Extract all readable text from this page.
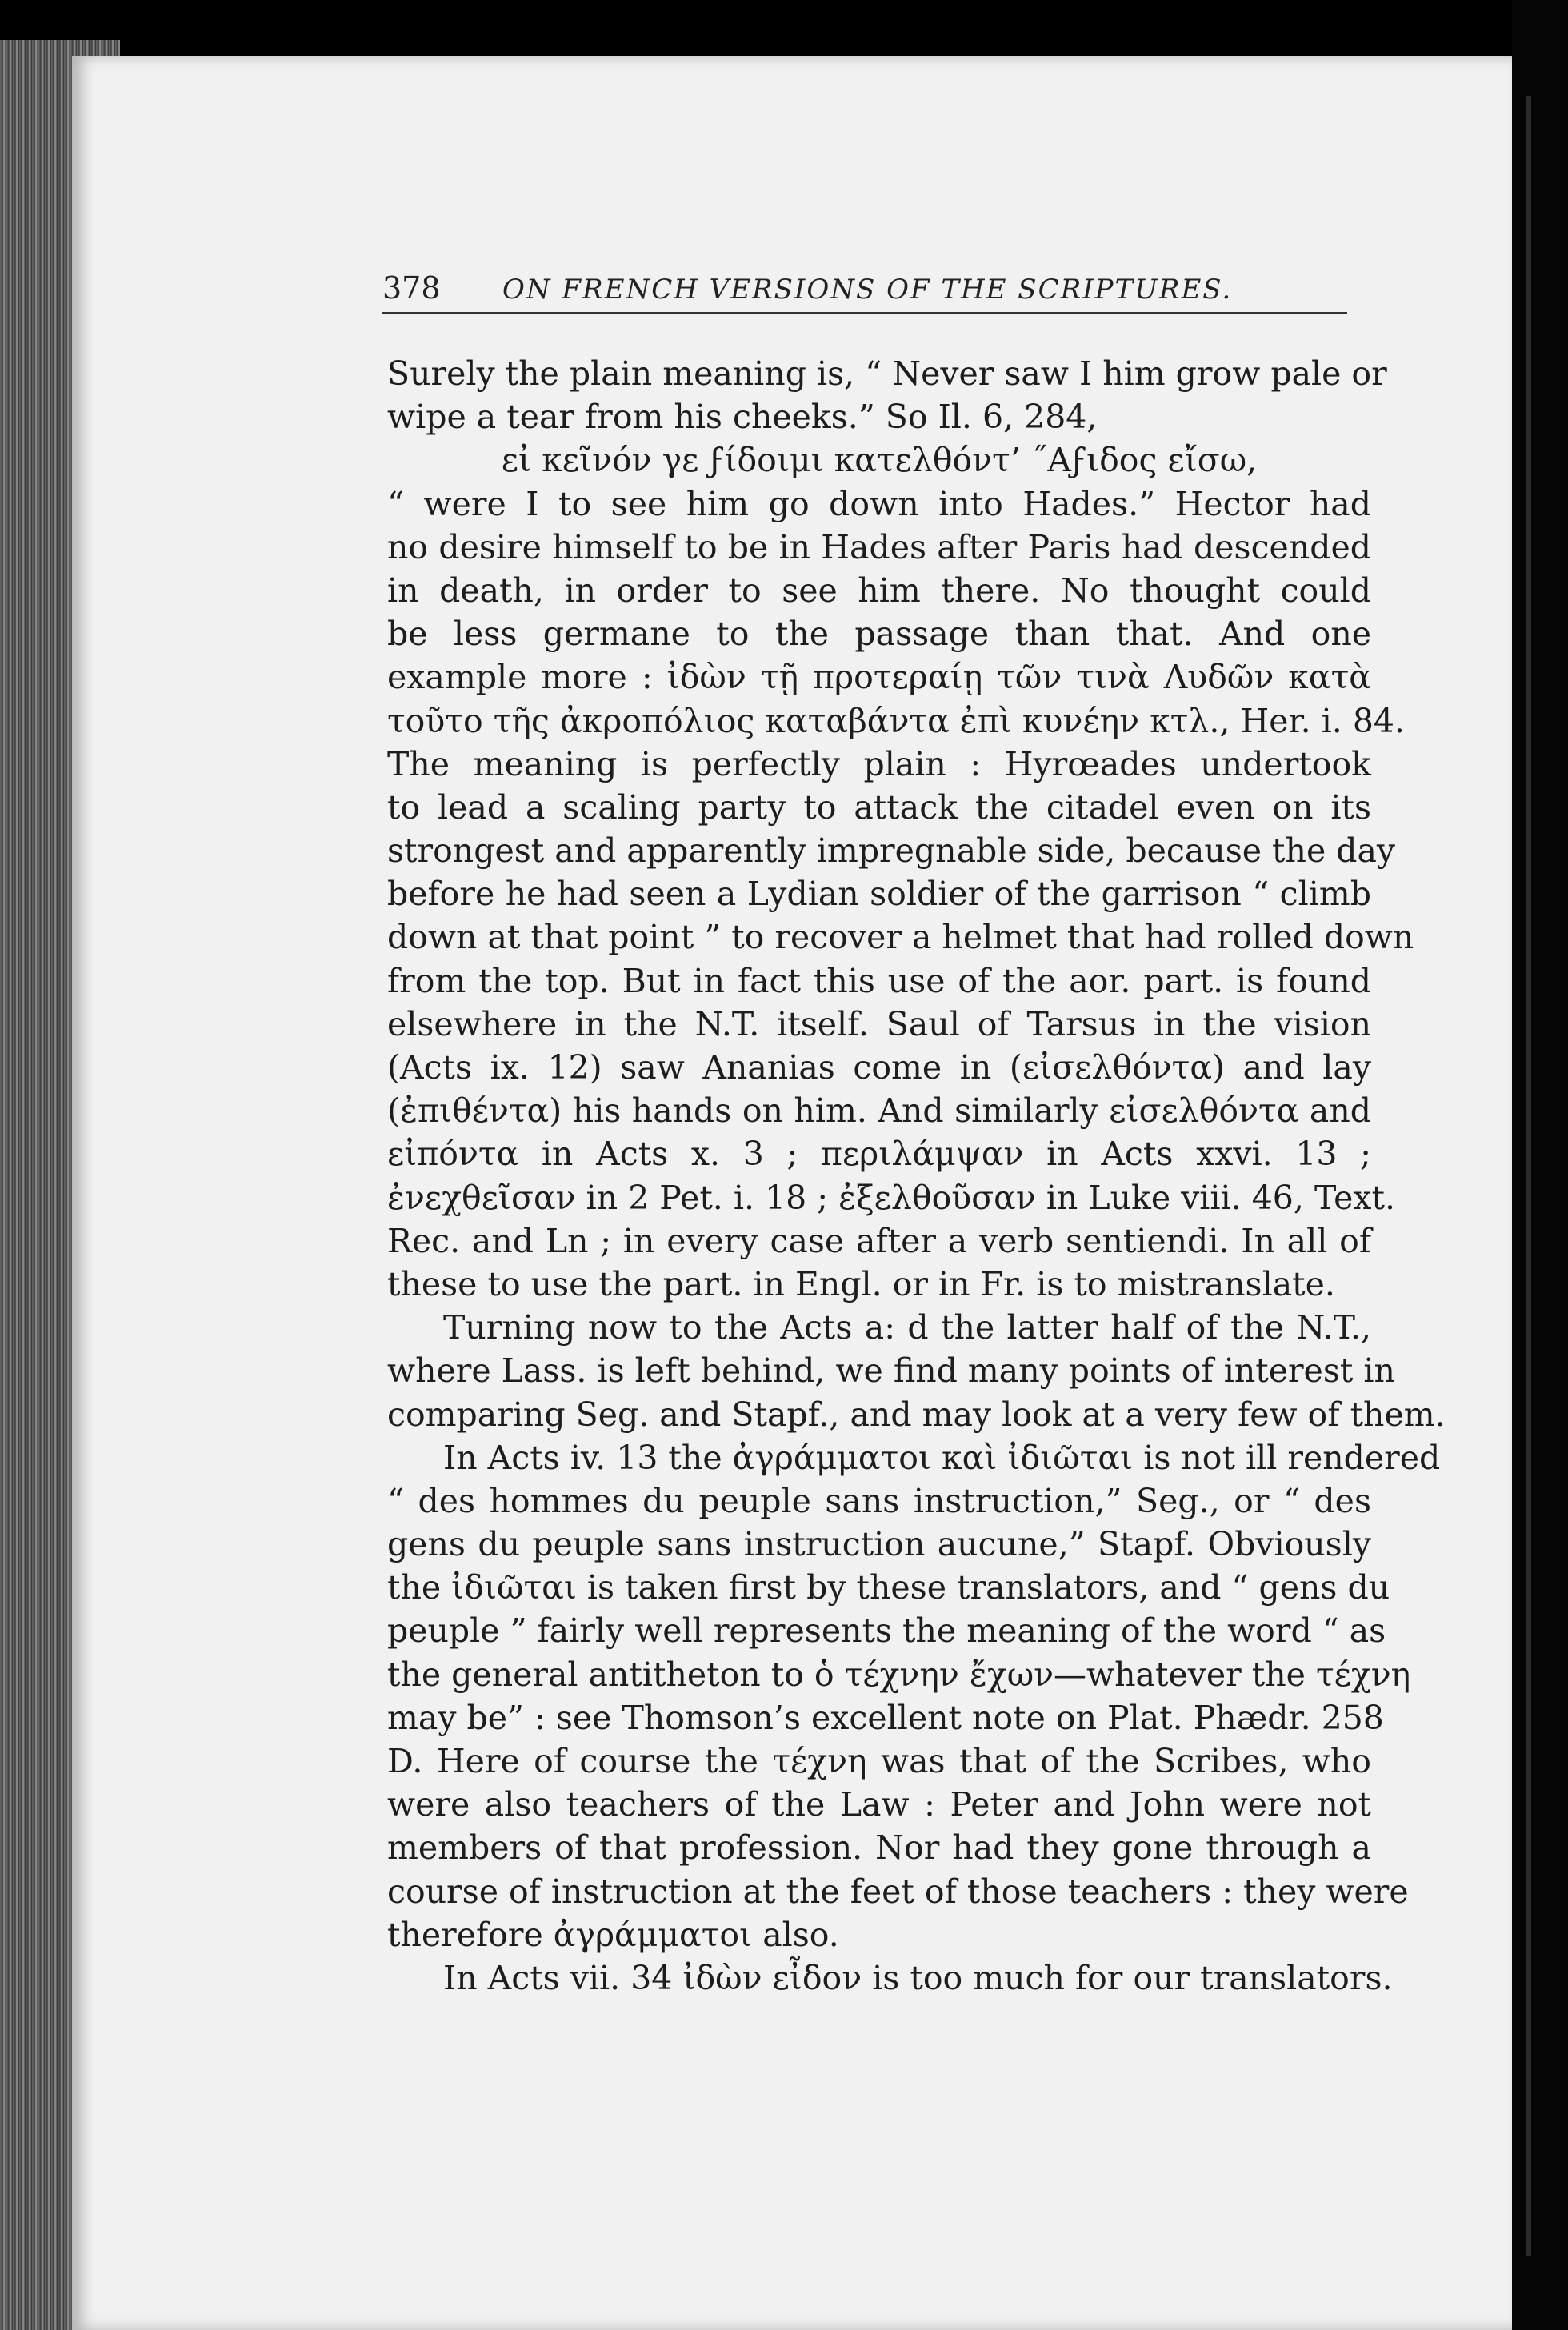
378 ON FRENCH VERSIONS OF THE SCRIPTURES.
Surely the plain meaning is, “ Never saw I him grow pale or
wipe a tear from his cheeks.” So Il. 6, 284,
εἰ κεῖνόν γε ϝίδοιμι κατελθόντ’ ˝Αϝιδος εἴσω,
“ were I to see him go down into Hades.” Hector had
no desire himself to be in Hades after Paris had descended
in death, in order to see him there. No thought could
be less germane to the passage than that. And one
example more : ἰδὼν τῇ προτεραίῃ τῶν τινὰ Λυδῶν κατὰ
τοῦτο τῆς ἀκροπόλιος καταβάντα ἐπὶ κυνέην κτλ., Her. i. 84.
The meaning is perfectly plain : Hyrœades undertook
to lead a scaling party to attack the citadel even on its
strongest and apparently impregnable side, because the day
before he had seen a Lydian soldier of the garrison “ climb
down at that point ” to recover a helmet that had rolled down
from the top. But in fact this use of the aor. part. is found
elsewhere in the N.T. itself. Saul of Tarsus in the vision
(Acts ix. 12) saw Ananias come in (εἰσελθόντα) and lay
(ἐπιθέντα) his hands on him. And similarly εἰσελθόντα and
εἰπόντα in Acts x. 3 ; περιλάμψαν in Acts xxvi. 13 ;
ἐνεχθεῖσαν in 2 Pet. i. 18 ; ἐξελθοῦσαν in Luke viii. 46, Text.
Rec. and Ln ; in every case after a verb sentiendi. In all of
these to use the part. in Engl. or in Fr. is to mistranslate.
Turning now to the Acts a: d the latter half of the N.T.,
where Lass. is left behind, we find many points of interest in
comparing Seg. and Stapf., and may look at a very few of them.
In Acts iv. 13 the ἀγράμματοι καὶ ἰδιῶται is not ill rendered
“ des hommes du peuple sans instruction,” Seg., or “ des
gens du peuple sans instruction aucune,” Stapf. Obviously
the ἰδιῶται is taken first by these translators, and “ gens du
peuple ” fairly well represents the meaning of the word “ as
the general antitheton to ὁ τέχνην ἔχων—whatever the τέχνη
may be” : see Thomson’s excellent note on Plat. Phædr. 258
D. Here of course the τέχνη was that of the Scribes, who
were also teachers of the Law : Peter and John were not
members of that profession. Nor had they gone through a
course of instruction at the feet of those teachers : they were
therefore ἀγράμματοι also.
In Acts vii. 34 ἰδὼν εἶδον is too much for our translators.
